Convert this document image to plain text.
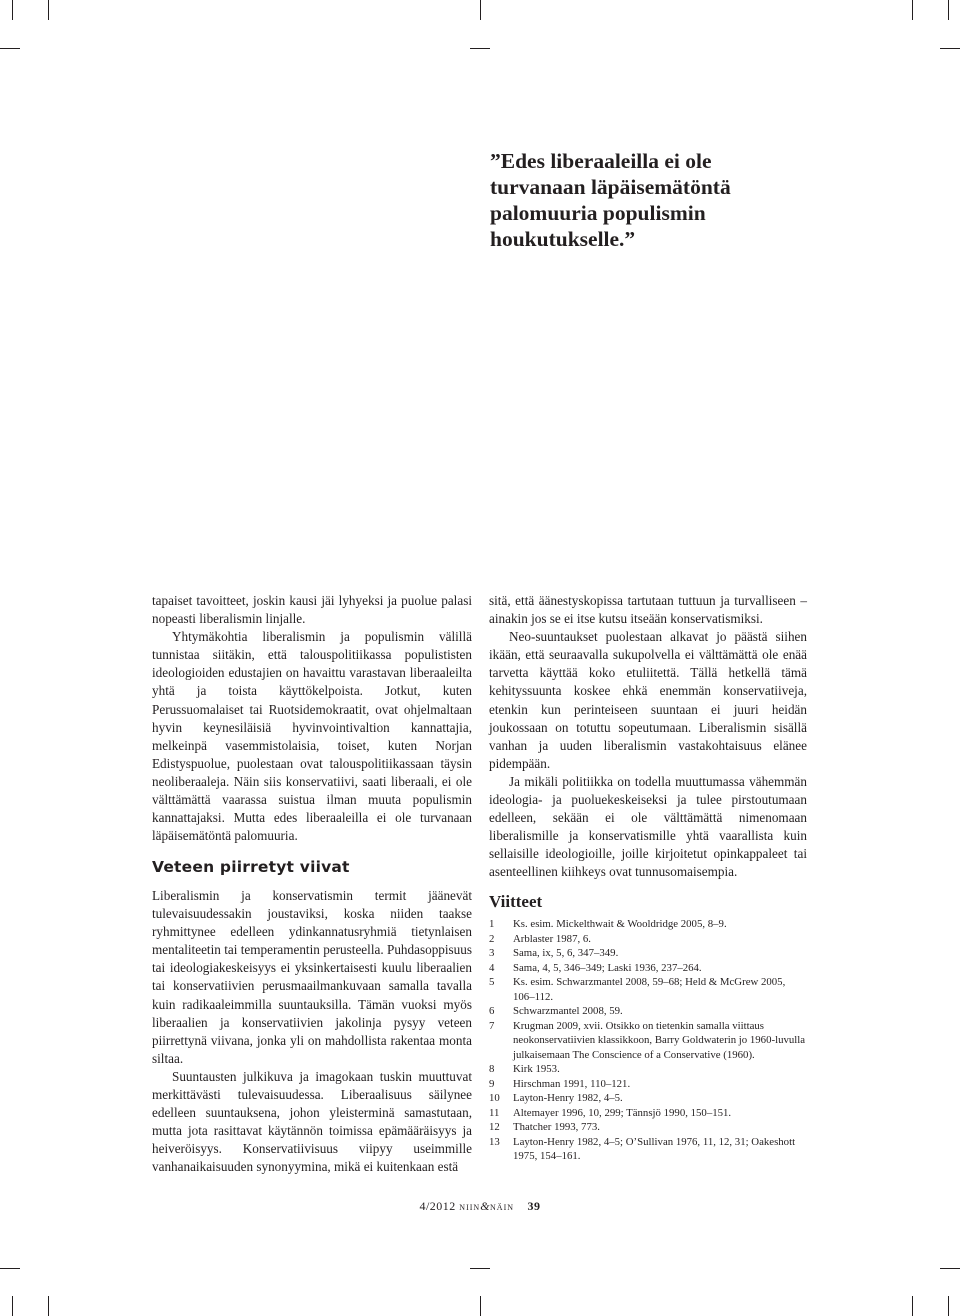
”Edes liberaaleilla ei ole

turvanaan läpäisemätöntä

palomuuria populismin

houkutukselle.”

tapaiset tavoitteet, joskin kausi jäi lyhyeksi ja puolue palasi nopeasti liberalismin linjalle.

Yhtymäkohtia liberalismin ja populismin välillä tunnistaa siitäkin, että talouspolitiikassa populististen ideologioiden edustajien on havaittu varastavan liberaaleilta yhtä ja toista käyttökelpoista. Jotkut, kuten Perussuomalaiset tai Ruotsidemokraatit, ovat ohjelmaltaan hyvin keynesiläisiä hyvinvointivaltion kannattajia, melkeinpä vasemmistolaisia, toiset, kuten Norjan Edistyspuolue, puolestaan ovat talouspolitiikassaan täysin neoliberaaleja. Näin siis konservatiivi, saati liberaali, ei ole välttämättä vaarassa suistua ilman muuta populismin kannattajaksi. Mutta edes liberaaleilla ei ole turvanaan läpäisemätöntä palomuuria.

Veteen piirretyt viivat

Liberalismin ja konservatismin termit jäänevät tulevaisuudessakin joustaviksi, koska niiden taakse ryhmittynee edelleen ydinkannatusryhmiä tietynlaisen mentaliteetin tai temperamentin perusteella. Puhdasoppisuus tai ideologiakeskeisyys ei yksinkertaisesti kuulu liberaalien tai konservatiivien perusmaailmankuvaan samalla tavalla kuin radikaaleimmilla suuntauksilla. Tämän vuoksi myös liberaalien ja konservatiivien jakolinja pysyy veteen piirrettynä viivana, jonka yli on mahdollista rakentaa monta siltaa.

Suuntausten julkikuva ja imagokaan tuskin muuttuvat merkittävästi tulevaisuudessa. Liberaalisuus säilynee edelleen suuntauksena, johon yleisterminä samastutaan, mutta jota rasittavat käytännön toimissa epämääräisyys ja heiveröisyys. Konservatiivisuus viipyy useimmille vanhanaikaisuuden synonyymina, mikä ei kuitenkaan estä

sitä, että äänestyskopissa tartutaan tuttuun ja turvalliseen – ainakin jos se ei itse kutsu itseään konservatismiksi.

Neo-suuntaukset puolestaan alkavat jo päästä siihen ikään, että seuraavalla sukupolvella ei välttämättä ole enää tarvetta käyttää koko etuliitettä. Tällä hetkellä tämä kehityssuunta koskee ehkä enemmän konservatiiveja, etenkin kun perinteiseen suuntaan ei juuri heidän joukossaan on totuttu sopeutumaan. Liberalismin sisällä vanhan ja uuden liberalismin vastakohtaisuus elänee pidempään.

Ja mikäli politiikka on todella muuttumassa vähemmän ideologia- ja puoluekeskeiseksi ja tulee pirstoutumaan edelleen, sekään ei ole välttämättä nimenomaan liberalismille ja konservatismille yhtä vaarallista kuin sellaisille ideologioille, joille kirjoitetut opinkappaleet tai asenteellinen kiihkeys ovat tunnusomaisempia.

Viitteet
1	Ks. esim. Mickelthwait & Wooldridge 2005, 8–9.
2	Arblaster 1987, 6.
3	Sama, ix, 5, 6, 347–349.
4	Sama, 4, 5, 346–349; Laski 1936, 237–264.
5	Ks. esim. Schwarzmantel 2008, 59–68; Held & McGrew 2005, 106–112.
6	Schwarzmantel 2008, 59.
7	Krugman 2009, xvii. Otsikko on tietenkin samalla viittaus neokonservatiivien klassikkoon, Barry Goldwaterin jo 1960-luvulla julkaisemaan The Conscience of a Conservative (1960).
8	Kirk 1953.
9	Hirschman 1991, 110–121.
10	Layton-Henry 1982, 4–5.
11	Altemayer 1996, 10, 299; Tännsjö 1990, 150–151.
12	Thatcher 1993, 773.
13	Layton-Henry 1982, 4–5; O’Sullivan 1976, 11, 12, 31; Oakeshott 1975, 154–161.
4/2012 niin&näin 39
